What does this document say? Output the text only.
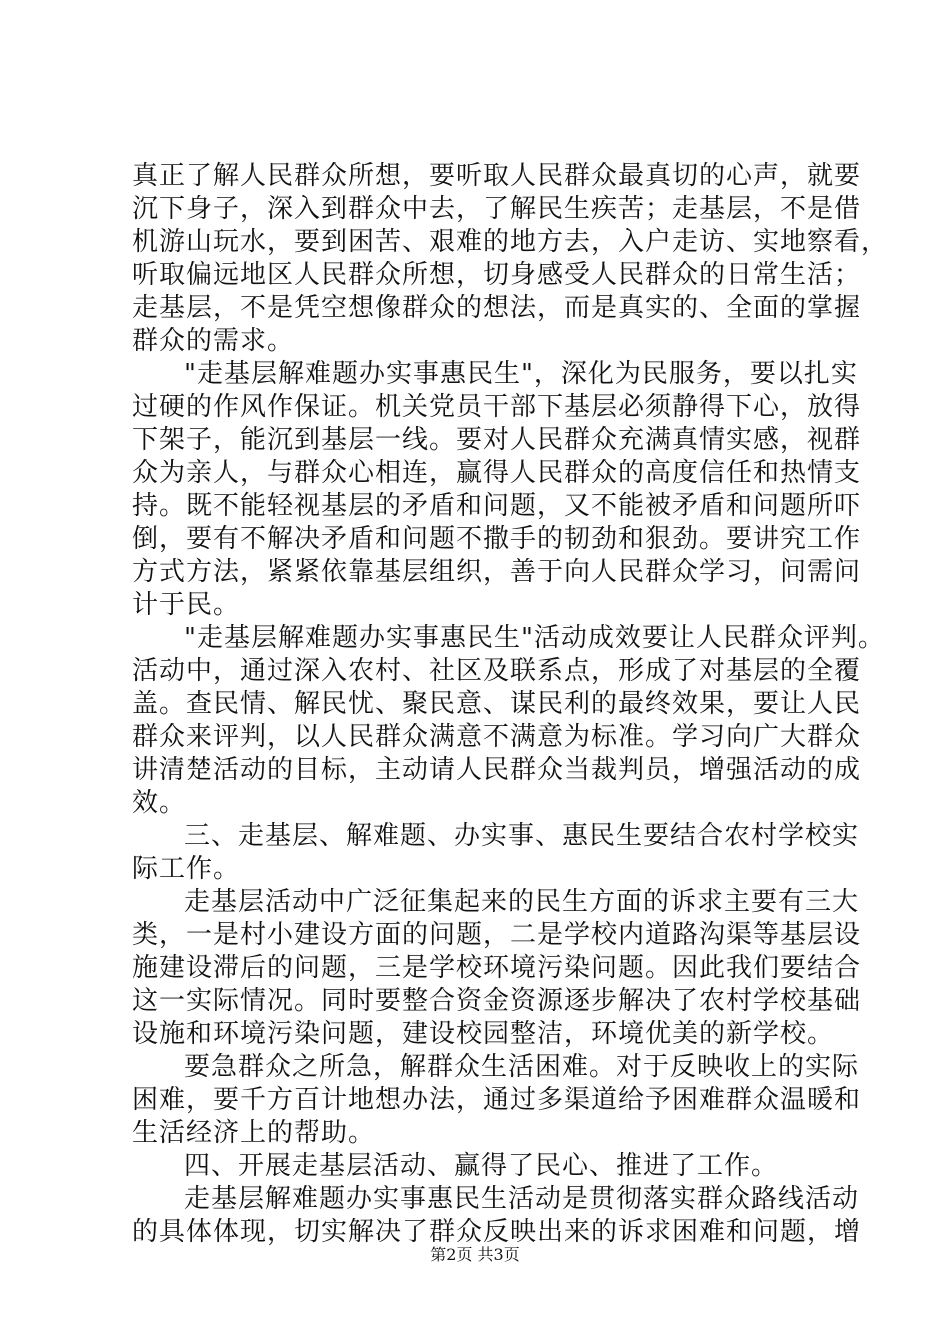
真正了解人民群众所想，要听取人民群众最真切的心声，就要
沉下身子，深入到群众中去，了解民生疾苦；走基层，不是借
机游山玩水，要到困苦、艰难的地方去，入户走访、实地察看，
听取偏远地区人民群众所想，切身感受人民群众的日常生活；
走基层，不是凭空想像群众的想法，而是真实的、全面的掌握
群众的需求。
"走基层解难题办实事惠民生"，深化为民服务，要以扎实
过硬的作风作保证。机关党员干部下基层必须静得下心，放得
下架子，能沉到基层一线。要对人民群众充满真情实感，视群
众为亲人，与群众心相连，赢得人民群众的高度信任和热情支
持。既不能轻视基层的矛盾和问题，又不能被矛盾和问题所吓
倒，要有不解决矛盾和问题不撒手的韧劲和狠劲。要讲究工作
方式方法，紧紧依靠基层组织，善于向人民群众学习，问需问
计于民。
"走基层解难题办实事惠民生"活动成效要让人民群众评判。
活动中，通过深入农村、社区及联系点，形成了对基层的全覆
盖。查民情、解民忧、聚民意、谋民利的最终效果，要让人民
群众来评判，以人民群众满意不满意为标准。学习向广大群众
讲清楚活动的目标，主动请人民群众当裁判员，增强活动的成
效。
三、走基层、解难题、办实事、惠民生要结合农村学校实
际工作。
走基层活动中广泛征集起来的民生方面的诉求主要有三大
类，一是村小建设方面的问题，二是学校内道路沟渠等基层设
施建设滞后的问题，三是学校环境污染问题。因此我们要结合
这一实际情况。同时要整合资金资源逐步解决了农村学校基础
设施和环境污染问题，建设校园整洁，环境优美的新学校。
要急群众之所急，解群众生活困难。对于反映收上的实际
困难，要千方百计地想办法，通过多渠道给予困难群众温暖和
生活经济上的帮助。
四、开展走基层活动、赢得了民心、推进了工作。
走基层解难题办实事惠民生活动是贯彻落实群众路线活动
的具体体现，切实解决了群众反映出来的诉求困难和问题，增
第2页 共3页
